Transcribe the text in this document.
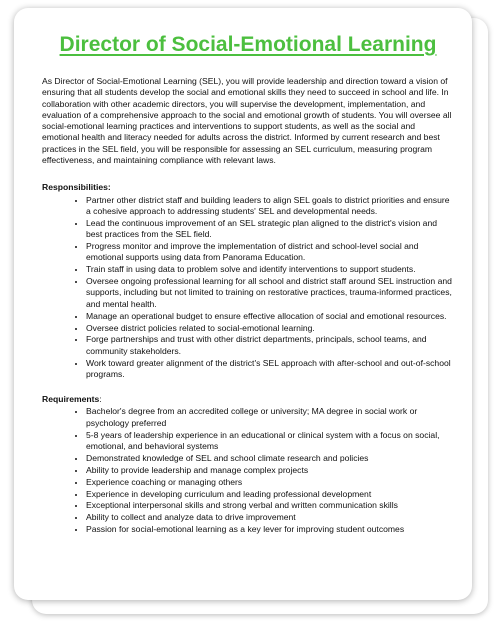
Director of Social-Emotional Learning

As Director of Social-Emotional Learning (SEL), you will provide leadership and direction toward a vision of ensuring that all students develop the social and emotional skills they need to succeed in school and life. In collaboration with other academic directors, you will supervise the development, implementation, and evaluation of a comprehensive approach to the social and emotional growth of students. You will oversee all social-emotional learning practices and interventions to support students, as well as the social and emotional health and literacy needed for adults across the district. Informed by current research and best practices in the SEL field, you will be responsible for assessing an SEL curriculum, measuring program effectiveness, and maintaining compliance with relevant laws.

Responsibilities:

• Partner other district staff and building leaders to align SEL goals to district priorities and ensure a cohesive approach to addressing students' SEL and developmental needs.
• Lead the continuous improvement of an SEL strategic plan aligned to the district's vision and best practices from the SEL field.
• Progress monitor and improve the implementation of district and school-level social and emotional supports using data from Panorama Education.
• Train staff in using data to problem solve and identify interventions to support students.
• Oversee ongoing professional learning for all school and district staff around SEL instruction and supports, including but not limited to training on restorative practices, trauma-informed practices, and mental health.
• Manage an operational budget to ensure effective allocation of social and emotional resources.
• Oversee district policies related to social-emotional learning.
• Forge partnerships and trust with other district departments, principals, school teams, and community stakeholders.
• Work toward greater alignment of the district's SEL approach with after-school and out-of-school programs.

Requirements:

• Bachelor's degree from an accredited college or university; MA degree in social work or psychology preferred
• 5-8 years of leadership experience in an educational or clinical system with a focus on social, emotional, and behavioral systems
• Demonstrated knowledge of SEL and school climate research and policies
• Ability to provide leadership and manage complex projects
• Experience coaching or managing others
• Experience in developing curriculum and leading professional development
• Exceptional interpersonal skills and strong verbal and written communication skills
• Ability to collect and analyze data to drive improvement
• Passion for social-emotional learning as a key lever for improving student outcomes
